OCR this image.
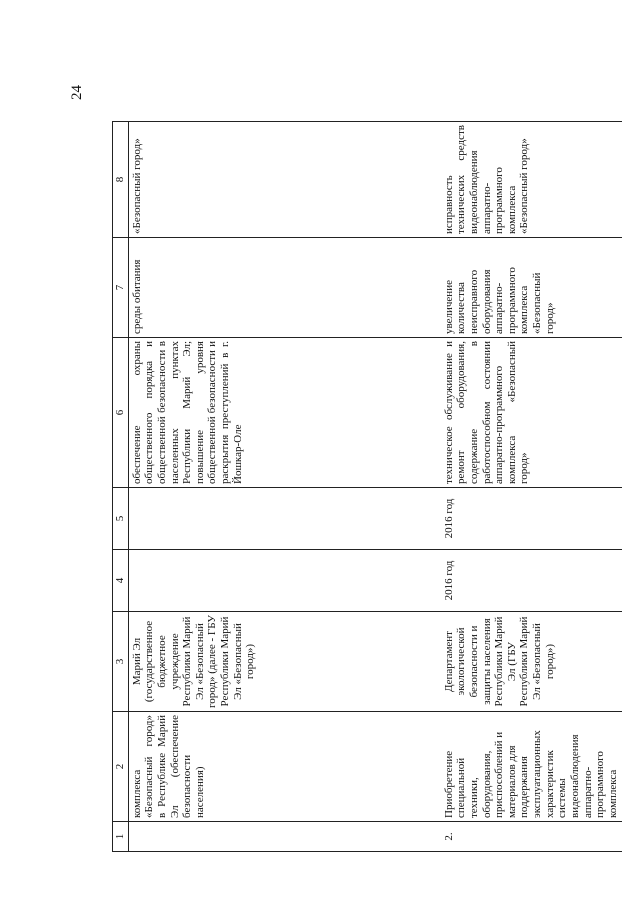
24
1	2	3	4	5	6	7	8
	комплекса «Безопасный город» в Республике Марий Эл (обеспечение безопасности населения)	Марий Эл (государственное бюджетное учреждение Республики Марий Эл «Безопасный город» (далее - ГБУ Республики Марий Эл «Безопасный город»)			обеспечение охраны общественного порядка и общественной безопасности в населенных пунктах Республики Марий Эл; повышение уровня общественной безопасности и раскрытия преступлений в г. Йошкар-Оле	среды обитания	«Безопасный город»
2.	Приобретение специальной техники, оборудования, приспособлений и материалов для поддержания эксплуатационных характеристик системы видеонаблюдения аппаратно-программного комплекса	Департамент экологической безопасности и защиты населения Республики Марий Эл (ГБУ Республики Марий Эл «Безопасный город»)	2016 год	2016 год	техническое обслуживание и ремонт оборудования, содержание в работоспособном состоянии аппаратно-программного комплекса «Безопасный город»	увеличение количества неисправного оборудования аппаратно-программного комплекса «Безопасный город»	исправность технических средств видеонаблюдения аппаратно-программного комплекса «Безопасный город»
